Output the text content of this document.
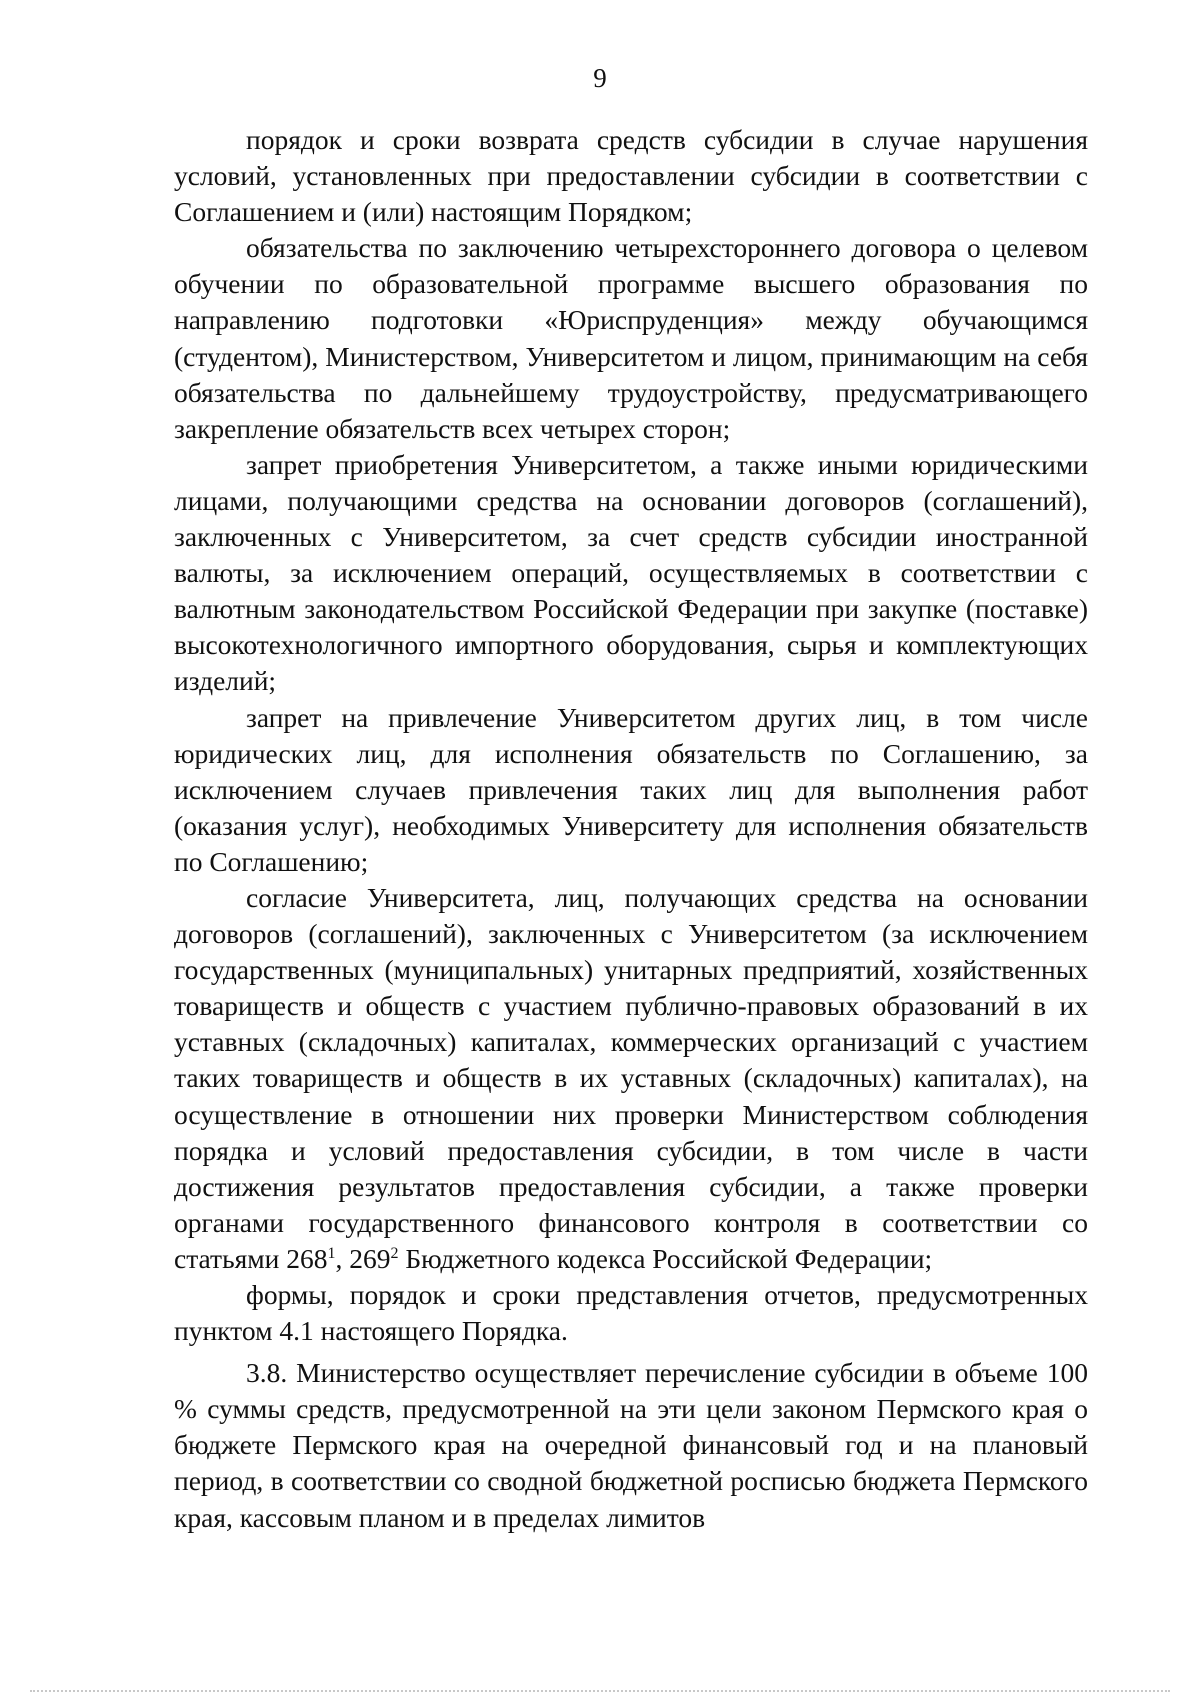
9

порядок и сроки возврата средств субсидии в случае нарушения условий, установленных при предоставлении субсидии в соответствии с Соглашением и (или) настоящим Порядком;

обязательства по заключению четырехстороннего договора о целевом обучении по образовательной программе высшего образования по направлению подготовки «Юриспруденция» между обучающимся (студентом), Министерством, Университетом и лицом, принимающим на себя обязательства по дальнейшему трудоустройству, предусматривающего закрепление обязательств всех четырех сторон;

запрет приобретения Университетом, а также иными юридическими лицами, получающими средства на основании договоров (соглашений), заключенных с Университетом, за счет средств субсидии иностранной валюты, за исключением операций, осуществляемых в соответствии с валютным законодательством Российской Федерации при закупке (поставке) высокотехнологичного импортного оборудования, сырья и комплектующих изделий;

запрет на привлечение Университетом других лиц, в том числе юридических лиц, для исполнения обязательств по Соглашению, за исключением случаев привлечения таких лиц для выполнения работ (оказания услуг), необходимых Университету для исполнения обязательств по Соглашению;

согласие Университета, лиц, получающих средства на основании договоров (соглашений), заключенных с Университетом (за исключением государственных (муниципальных) унитарных предприятий, хозяйственных товариществ и обществ с участием публично-правовых образований в их уставных (складочных) капиталах, коммерческих организаций с участием таких товариществ и обществ в их уставных (складочных) капиталах), на осуществление в отношении них проверки Министерством соблюдения порядка и условий предоставления субсидии, в том числе в части достижения результатов предоставления субсидии, а также проверки органами государственного финансового контроля в соответствии со статьями $268^1$, $269^2$ Бюджетного кодекса Российской Федерации;

формы, порядок и сроки представления отчетов, предусмотренных пунктом 4.1 настоящего Порядка.

3.8. Министерство осуществляет перечисление субсидии в объеме 100 % суммы средств, предусмотренной на эти цели законом Пермского края о бюджете Пермского края на очередной финансовый год и на плановый период, в соответствии со сводной бюджетной росписью бюджета Пермского края, кассовым планом и в пределах лимитов
